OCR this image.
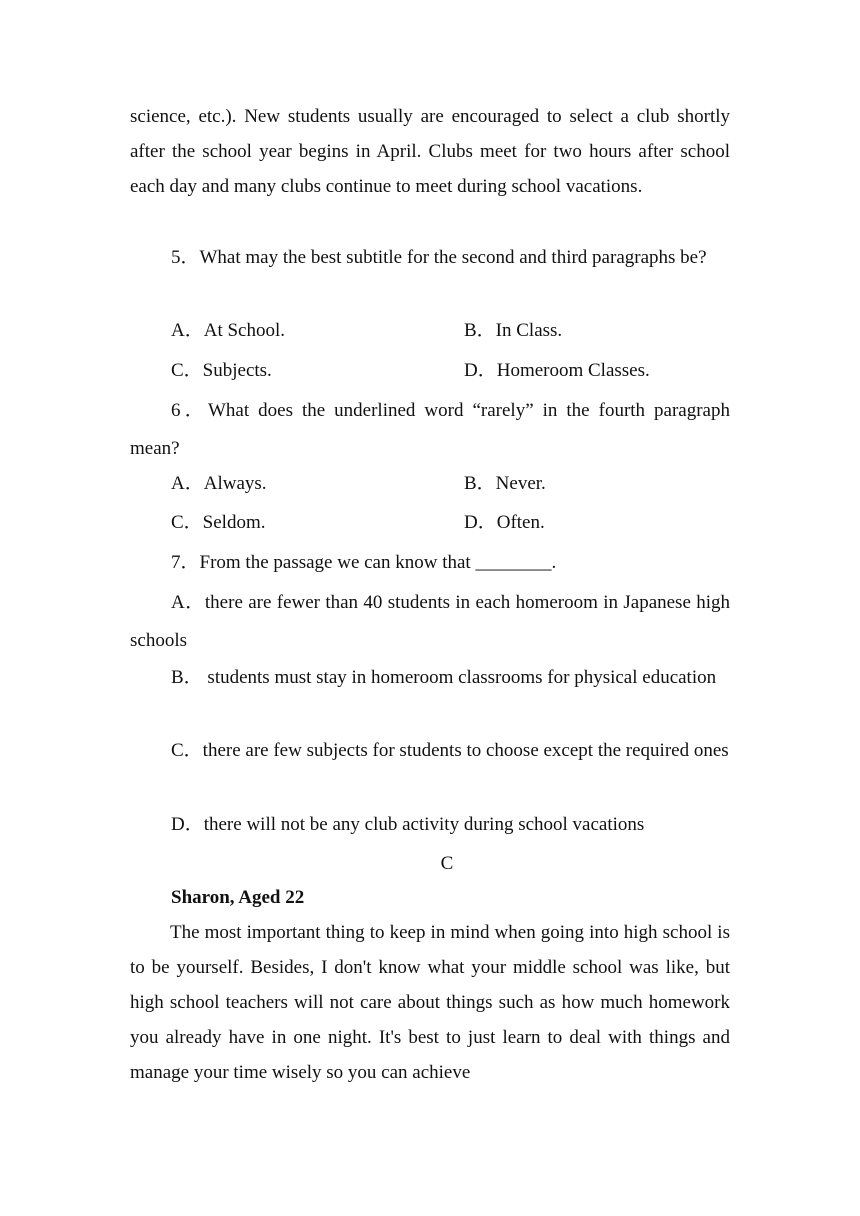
science, etc.). New students usually are encouraged to select a club shortly after the school year begins in April. Clubs meet for two hours after school each day and many clubs continue to meet during school vacations.
5．What may the best subtitle for the second and third paragraphs be?
A．At School.	B．In Class.
C．Subjects.	D．Homeroom Classes.
6．What does the underlined word “rarely” in the fourth paragraph mean?
A．Always.	B．Never.
C．Seldom.	D．Often.
7．From the passage we can know that ________.
A．there are fewer than 40 students in each homeroom in Japanese high schools
B． students must stay in homeroom classrooms for physical education
C．there are few subjects for students to choose except the required ones
D．there will not be any club activity during school vacations
C
Sharon, Aged 22
The most important thing to keep in mind when going into high school is to be yourself. Besides, I don't know what your middle school was like, but high school teachers will not care about things such as how much homework you already have in one night. It's best to just learn to deal with things and manage your time wisely so you can achieve
